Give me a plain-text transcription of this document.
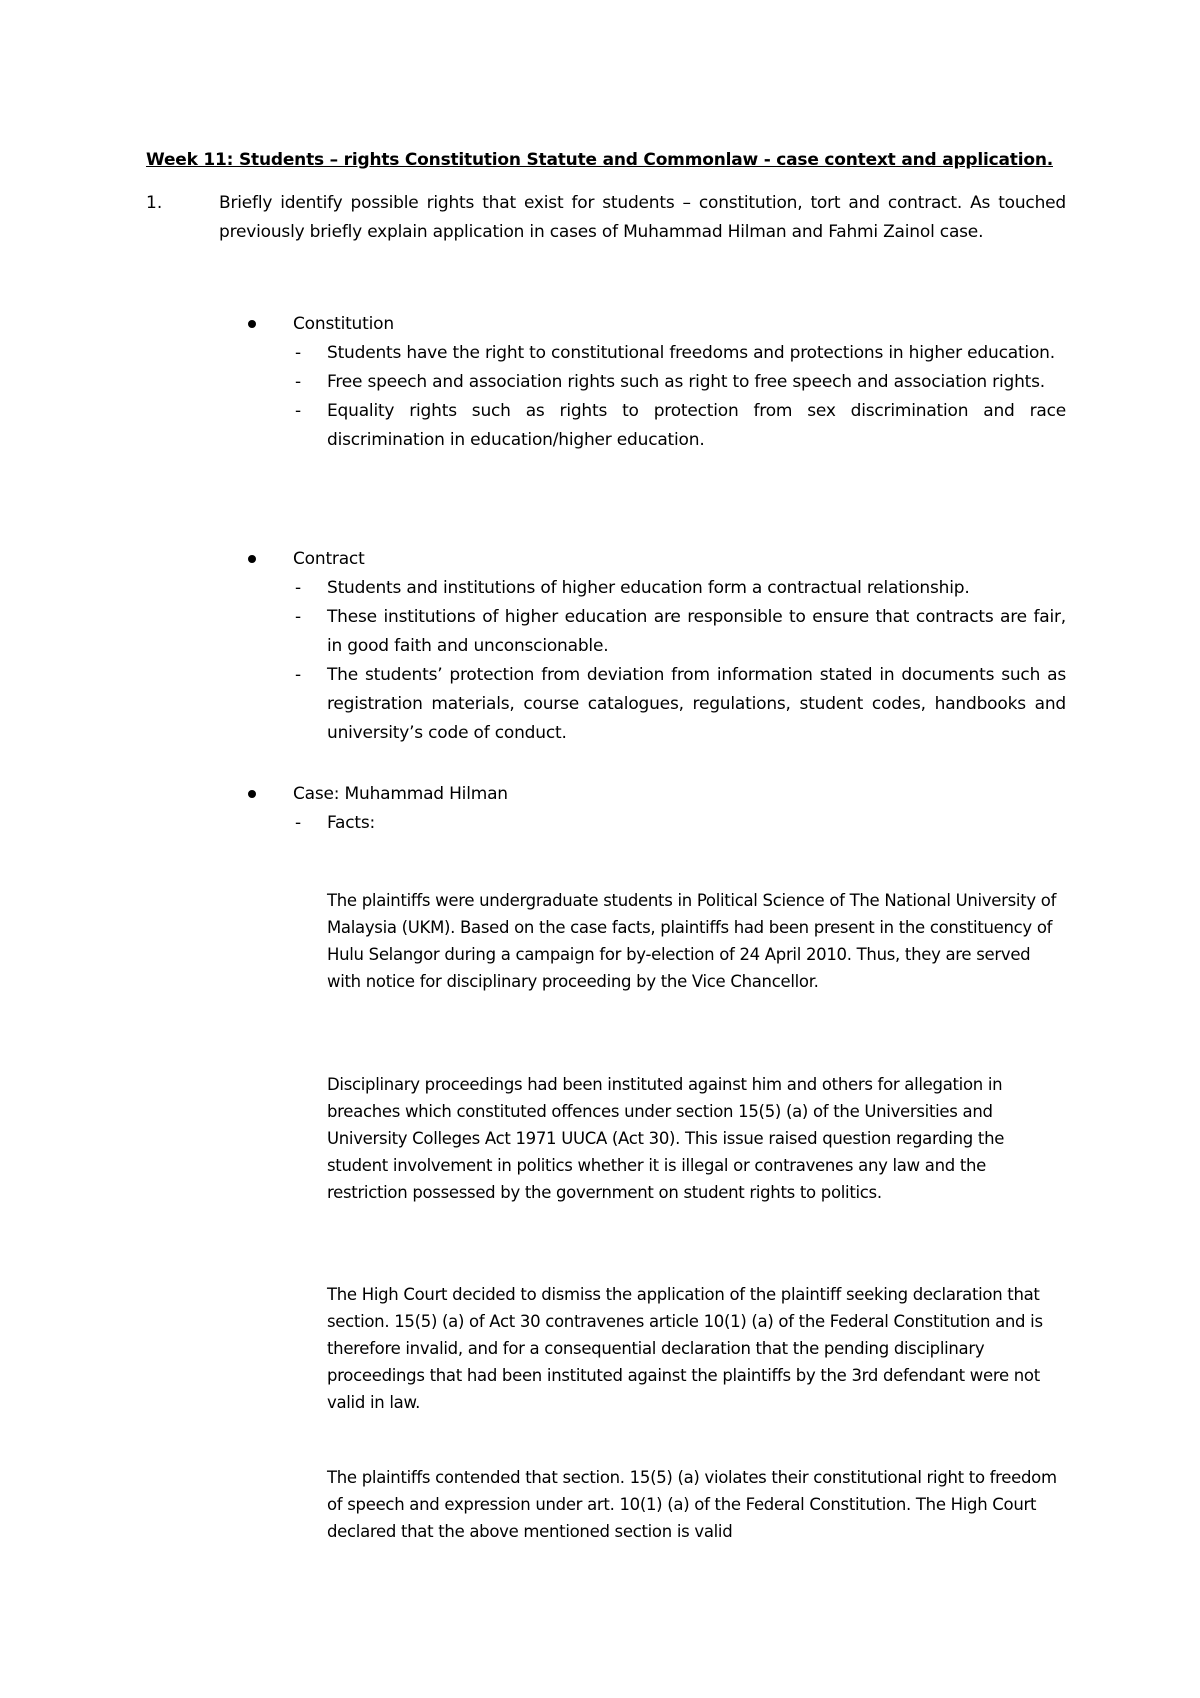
Week 11: Students – rights Constitution Statute and Commonlaw - case context and application.
1.	Briefly identify possible rights that exist for students – constitution, tort and contract. As touched previously briefly explain application in cases of Muhammad Hilman and Fahmi Zainol case.
Constitution
- Students have the right to constitutional freedoms and protections in higher education.
- Free speech and association rights such as right to free speech and association rights.
- Equality rights such as rights to protection from sex discrimination and race discrimination in education/higher education.
Contract
- Students and institutions of higher education form a contractual relationship.
- These institutions of higher education are responsible to ensure that contracts are fair, in good faith and unconscionable.
- The students’ protection from deviation from information stated in documents such as registration materials, course catalogues, regulations, student codes, handbooks and university’s code of conduct.
Case: Muhammad Hilman
- Facts:
The plaintiffs were undergraduate students in Political Science of The National University of Malaysia (UKM). Based on the case facts, plaintiffs had been present in the constituency of Hulu Selangor during a campaign for by-election of 24 April 2010. Thus, they are served with notice for disciplinary proceeding by the Vice Chancellor.
Disciplinary proceedings had been instituted against him and others for allegation in breaches which constituted offences under section 15(5) (a) of the Universities and University Colleges Act 1971 UUCA (Act 30). This issue raised question regarding the student involvement in politics whether it is illegal or contravenes any law and the restriction possessed by the government on student rights to politics.
The High Court decided to dismiss the application of the plaintiff seeking declaration that section. 15(5) (a) of Act 30 contravenes article 10(1) (a) of the Federal Constitution and is therefore invalid, and for a consequential declaration that the pending disciplinary proceedings that had been instituted against the plaintiffs by the 3rd defendant were not valid in law.
The plaintiffs contended that section. 15(5) (a) violates their constitutional right to freedom of speech and expression under art. 10(1) (a) of the Federal Constitution. The High Court declared that the above mentioned section is valid
